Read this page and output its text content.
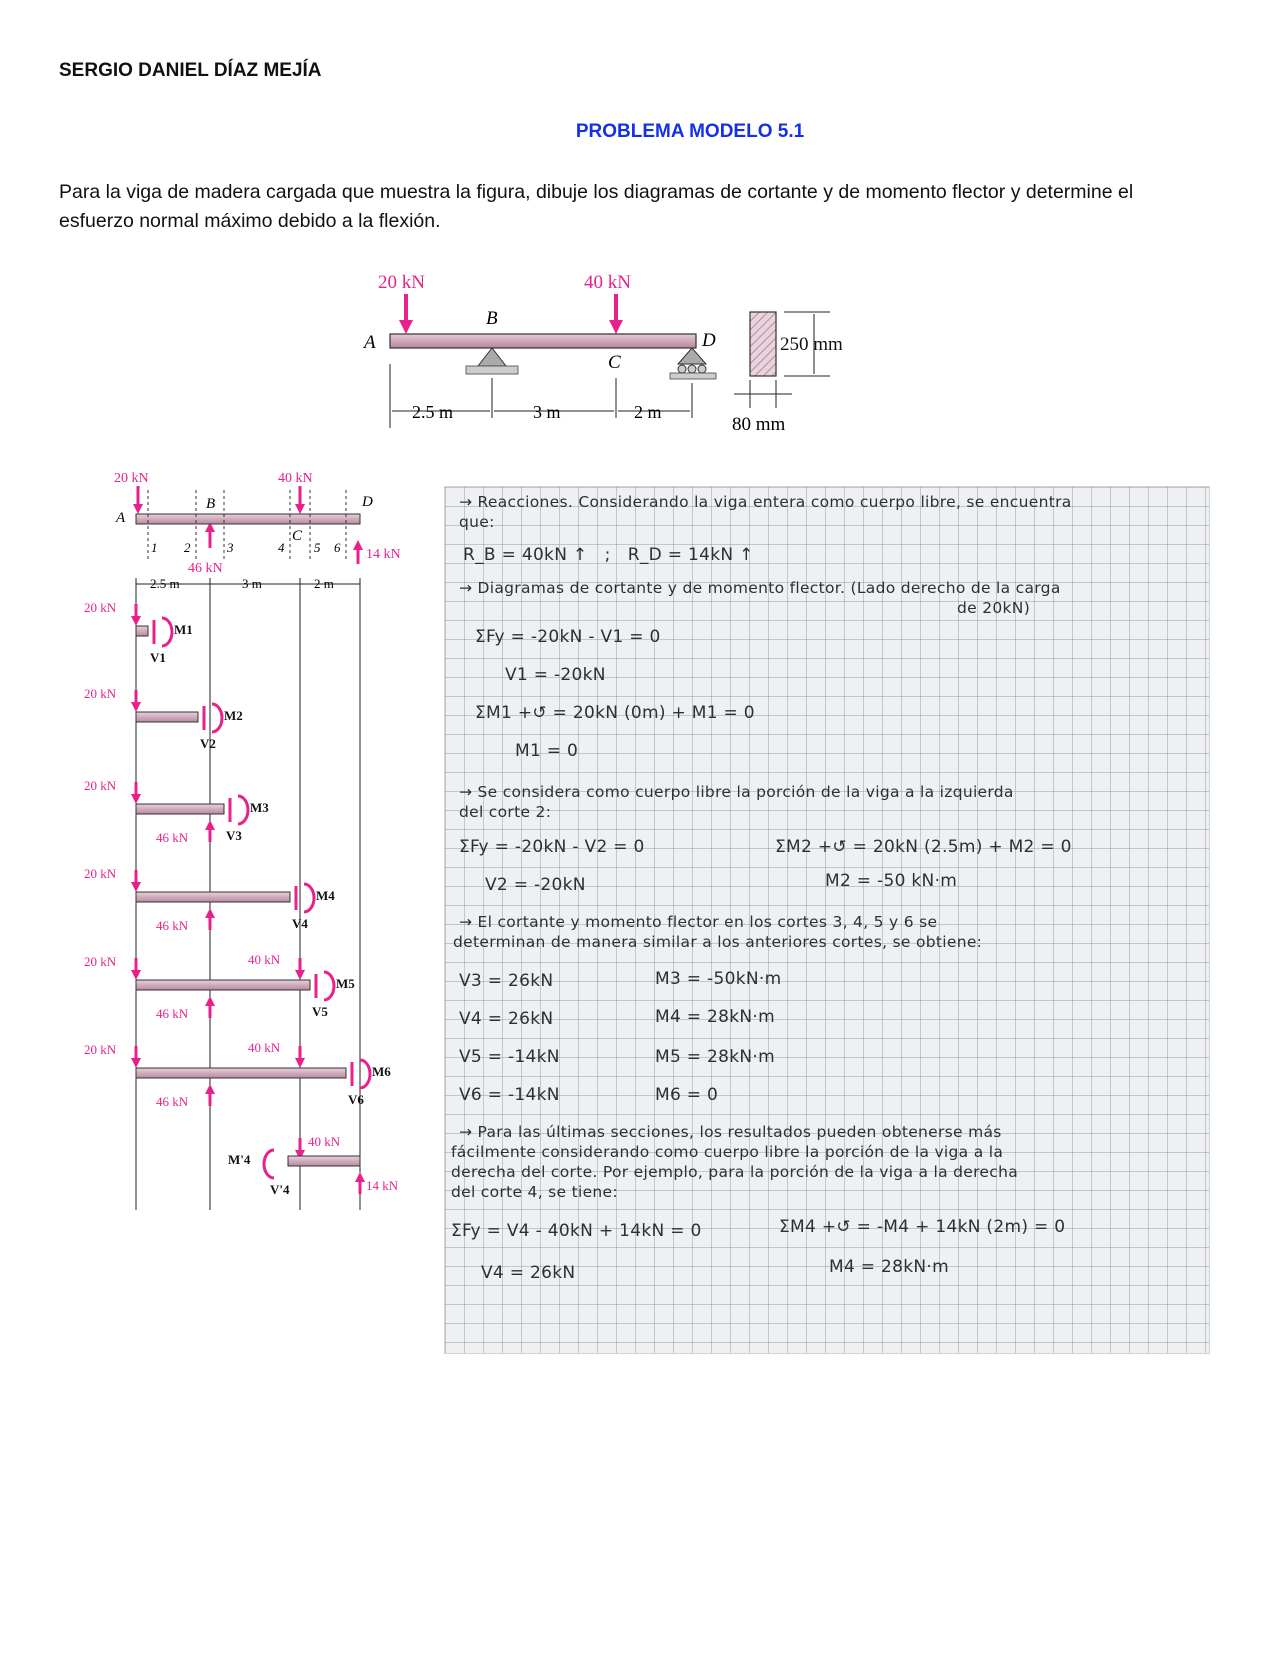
SERGIO DANIEL DÍAZ MEJÍA
PROBLEMA MODELO 5.1
Para la viga de madera cargada que muestra la figura, dibuje los diagramas de cortante y de momento flector y determine el esfuerzo normal máximo debido a la flexión.
20 kN	40 kN
A
B
C
D
2.5 m	3 m	2 m
250 mm
80 mm
20 kN	40 kN
46 kN
14 kN
A
B
C
D
1 2	3	4 5 6
2.5 m	3 m	2 m
20 kN
M1
V1
20 kN
M2
V2
20 kN
46 kN
M3
V3
20 kN
46 kN
M4
V4
20 kN	40 kN
46 kN
M5
V5
20 kN	40 kN
46 kN
M6
V6
40 kN
M'4
V'4	14 kN
→ Reacciones. Considerando la viga entera como cuerpo libre, se encuentra
que:
R_B = 40kN ↑   ;   R_D = 14kN ↑
→ Diagramas de cortante y de momento flector. (Lado derecho de la carga
de 20kN)
ΣFy = -20kN - V1 = 0
V1 = -20kN
ΣM1 +↺ = 20kN (0m) + M1 = 0
M1 = 0
→ Se considera como cuerpo libre la porción de la viga a la izquierda
del corte 2:
ΣFy = -20kN - V2 = 0	ΣM2 +↺ = 20kN (2.5m) + M2 = 0
V2 = -20kN	M2 = -50 kN·m
→ El cortante y momento flector en los cortes 3, 4, 5 y 6 se
determinan de manera similar a los anteriores cortes, se obtiene:
V3 = 26kN	M3 = -50kN·m
V4 = 26kN	M4 = 28kN·m
V5 = -14kN	M5 = 28kN·m
V6 = -14kN	M6 = 0
→ Para las últimas secciones, los resultados pueden obtenerse más
fácilmente considerando como cuerpo libre la porción de la viga a la
derecha del corte. Por ejemplo, para la porción de la viga a la derecha
del corte 4, se tiene:
ΣFy = V4 - 40kN + 14kN = 0	ΣM4 +↺ = -M4 + 14kN (2m) = 0
V4 = 26kN	M4 = 28kN·m
